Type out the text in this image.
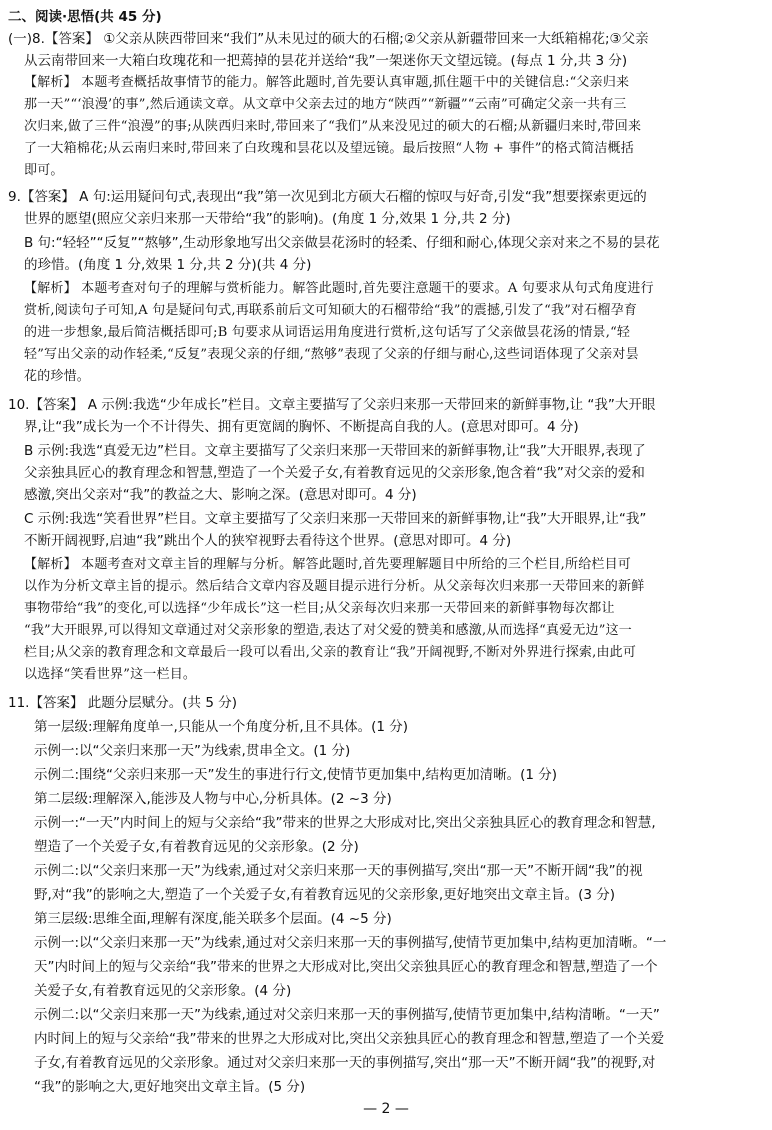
二、阅读·思悟(共 45 分)
(一)8.【答案】 ①父亲从陕西带回来“我们”从未见过的硕大的石榴;②父亲从新疆带回来一大纸箱棉花;③父亲
从云南带回来一大箱白玫瑰花和一把蔫掉的昙花并送给“我”一架迷你天文望远镜。(每点 1 分,共 3 分)
【解析】 本题考查概括故事情节的能力。解答此题时,首先要认真审题,抓住题干中的关键信息:“父亲归来
那一天”“‘浪漫’的事”,然后通读文章。从文章中父亲去过的地方“陕西”“新疆”“云南”可确定父亲一共有三
次归来,做了三件“浪漫”的事;从陕西归来时,带回来了“我们”从来没见过的硕大的石榴;从新疆归来时,带回来
了一大箱棉花;从云南归来时,带回来了白玫瑰和昙花以及望远镜。最后按照“人物 + 事件”的格式简洁概括
即可。
9.【答案】 A 句:运用疑问句式,表现出“我”第一次见到北方硕大石榴的惊叹与好奇,引发“我”想要探索更远的
世界的愿望(照应父亲归来那一天带给“我”的影响)。(角度 1 分,效果 1 分,共 2 分)
B 句:“轻轻”“反复”“熬够”,生动形象地写出父亲做昙花汤时的轻柔、仔细和耐心,体现父亲对来之不易的昙花
的珍惜。(角度 1 分,效果 1 分,共 2 分)(共 4 分)
【解析】 本题考查对句子的理解与赏析能力。解答此题时,首先要注意题干的要求。A 句要求从句式角度进行
赏析,阅读句子可知,A 句是疑问句式,再联系前后文可知硕大的石榴带给“我”的震撼,引发了“我”对石榴孕育
的进一步想象,最后简洁概括即可;B 句要求从词语运用角度进行赏析,这句话写了父亲做昙花汤的情景,“轻
轻”写出父亲的动作轻柔,“反复”表现父亲的仔细,“熬够”表现了父亲的仔细与耐心,这些词语体现了父亲对昙
花的珍惜。
10.【答案】 A 示例:我选“少年成长”栏目。文章主要描写了父亲归来那一天带回来的新鲜事物,让 “我”大开眼
界,让“我”成长为一个不计得失、拥有更宽阔的胸怀、不断提高自我的人。(意思对即可。4 分)
B 示例:我选“真爱无边”栏目。文章主要描写了父亲归来那一天带回来的新鲜事物,让“我”大开眼界,表现了
父亲独具匠心的教育理念和智慧,塑造了一个关爱子女,有着教育远见的父亲形象,饱含着“我”对父亲的爱和
感激,突出父亲对“我”的教益之大、影响之深。(意思对即可。4 分)
C 示例:我选“笑看世界”栏目。文章主要描写了父亲归来那一天带回来的新鲜事物,让“我”大开眼界,让“我”
不断开阔视野,启迪“我”跳出个人的狭窄视野去看待这个世界。(意思对即可。4 分)
【解析】 本题考查对文章主旨的理解与分析。解答此题时,首先要理解题目中所给的三个栏目,所给栏目可
以作为分析文章主旨的提示。然后结合文章内容及题目提示进行分析。从父亲每次归来那一天带回来的新鲜
事物带给“我”的变化,可以选择“少年成长”这一栏目;从父亲每次归来那一天带回来的新鲜事物每次都让
“我”大开眼界,可以得知文章通过对父亲形象的塑造,表达了对父爱的赞美和感激,从而选择“真爱无边”这一
栏目;从父亲的教育理念和文章最后一段可以看出,父亲的教育让“我”开阔视野,不断对外界进行探索,由此可
以选择“笑看世界”这一栏目。
11.【答案】 此题分层赋分。(共 5 分)
第一层级:理解角度单一,只能从一个角度分析,且不具体。(1 分)
示例一:以“父亲归来那一天”为线索,贯串全文。(1 分)
示例二:围绕“父亲归来那一天”发生的事进行行文,使情节更加集中,结构更加清晰。(1 分)
第二层级:理解深入,能涉及人物与中心,分析具体。(2 ~3 分)
示例一:“一天”内时间上的短与父亲给“我”带来的世界之大形成对比,突出父亲独具匠心的教育理念和智慧,
塑造了一个关爱子女,有着教育远见的父亲形象。(2 分)
示例二:以“父亲归来那一天”为线索,通过对父亲归来那一天的事例描写,突出“那一天”不断开阔“我”的视
野,对“我”的影响之大,塑造了一个关爱子女,有着教育远见的父亲形象,更好地突出文章主旨。(3 分)
第三层级:思维全面,理解有深度,能关联多个层面。(4 ~5 分)
示例一:以“父亲归来那一天”为线索,通过对父亲归来那一天的事例描写,使情节更加集中,结构更加清晰。“一
天”内时间上的短与父亲给“我”带来的世界之大形成对比,突出父亲独具匠心的教育理念和智慧,塑造了一个
关爱子女,有着教育远见的父亲形象。(4 分)
示例二:以“父亲归来那一天”为线索,通过对父亲归来那一天的事例描写,使情节更加集中,结构清晰。“一天”
内时间上的短与父亲给“我”带来的世界之大形成对比,突出父亲独具匠心的教育理念和智慧,塑造了一个关爱
子女,有着教育远见的父亲形象。通过对父亲归来那一天的事例描写,突出“那一天”不断开阔“我”的视野,对
“我”的影响之大,更好地突出文章主旨。(5 分)
— 2 —
